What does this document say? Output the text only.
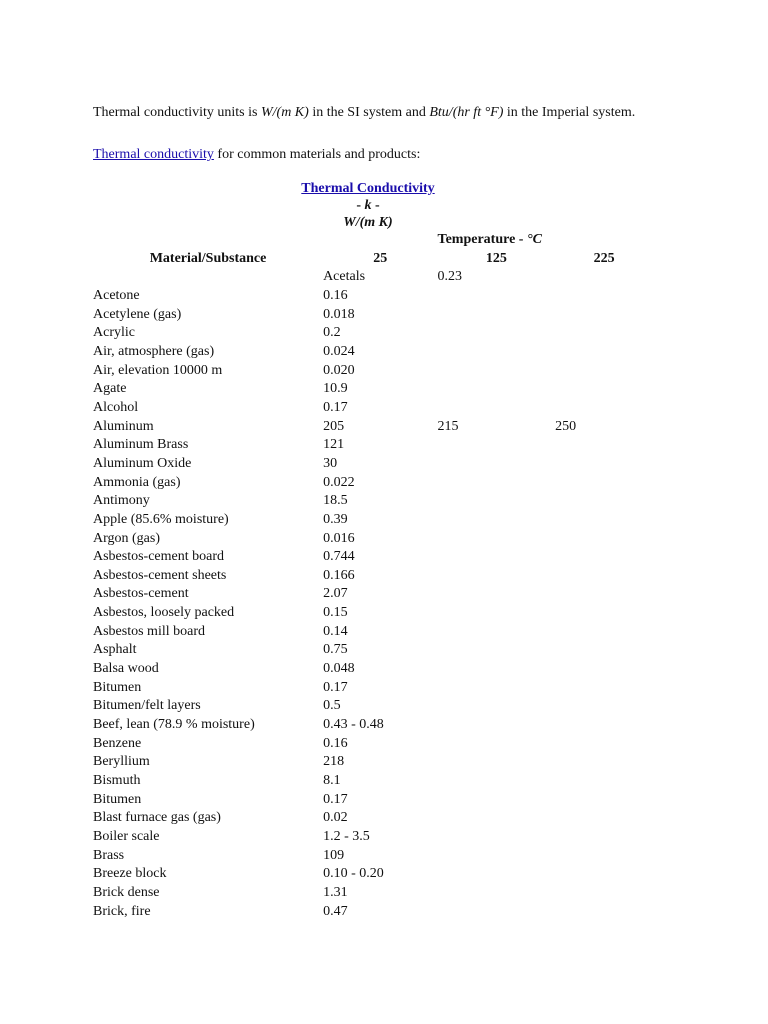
Thermal conductivity units is W/(m K) in the SI system and Btu/(hr ft °F) in the Imperial system.

Thermal conductivity for common materials and products:

Thermal Conductivity
- k -
W/(m K)
		Temperature - °C	
Material/Substance	25	125	225
	Acetals	0.23	
Acetone	0.16		
Acetylene (gas)	0.018		
Acrylic	0.2		
Air, atmosphere (gas)	0.024		
Air, elevation 10000 m	0.020		
Agate	10.9		
Alcohol	0.17		
Aluminum	205	215	250
Aluminum Brass	121		
Aluminum Oxide	30		
Ammonia (gas)	0.022		
Antimony	18.5		
Apple (85.6% moisture)	0.39		
Argon (gas)	0.016		
Asbestos-cement board	0.744		
Asbestos-cement sheets	0.166		
Asbestos-cement	2.07		
Asbestos, loosely packed	0.15		
Asbestos mill board	0.14		
Asphalt	0.75		
Balsa wood	0.048		
Bitumen	0.17		
Bitumen/felt layers	0.5		
Beef, lean (78.9 % moisture)	0.43 - 0.48		
Benzene	0.16		
Beryllium	218		
Bismuth	8.1		
Bitumen	0.17		
Blast furnace gas (gas)	0.02		
Boiler scale	1.2 - 3.5		
Brass	109		
Breeze block	0.10 - 0.20		
Brick dense	1.31		
Brick, fire	0.47		
